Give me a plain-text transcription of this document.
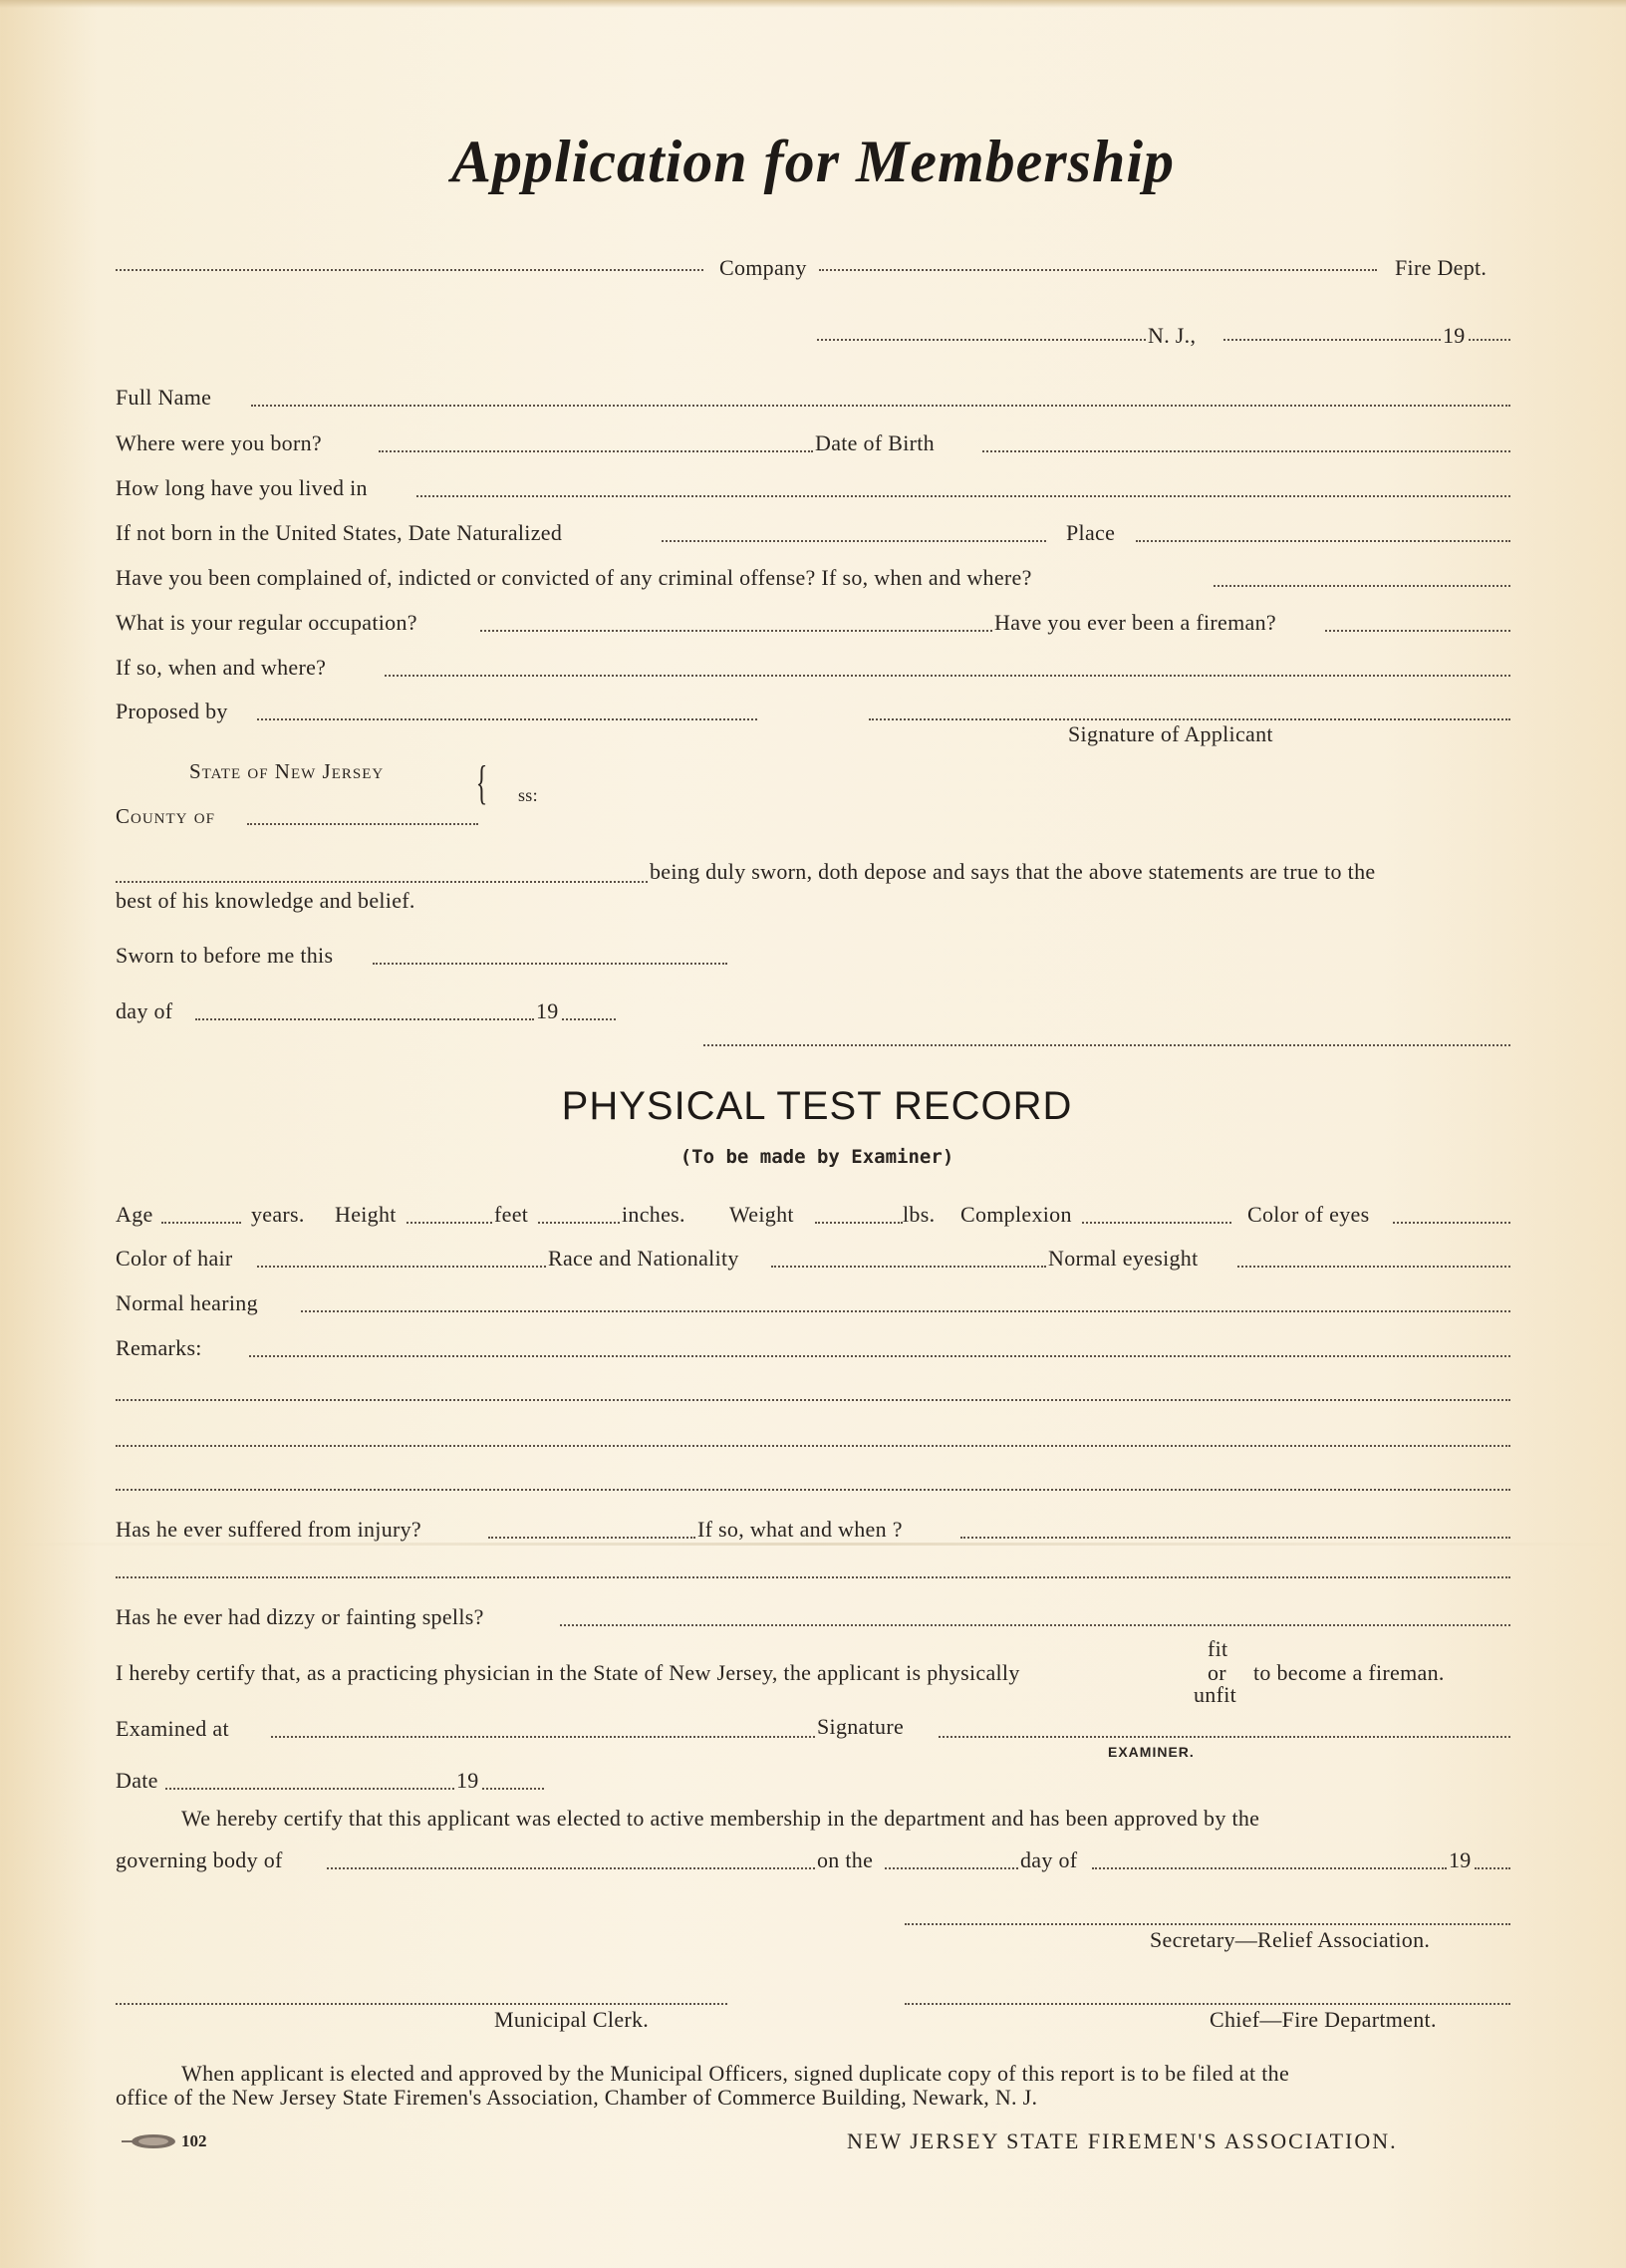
Application for Membership
Company	Fire Dept.
N. J.,	19
Full Name
Where were you born?	Date of Birth
How long have you lived in
If not born in the United States, Date Naturalized	Place
Have you been complained of, indicted or convicted of any criminal offense? If so, when and where?
What is your regular occupation?	Have you ever been a fireman?
If so, when and where?
Proposed by
Signature of Applicant
State of New Jersey
County of
{ ss:
being duly sworn, doth depose and says that the above statements are true to the
best of his knowledge and belief.
Sworn to before me this
day of	19
PHYSICAL TEST RECORD
(To be made by Examiner)
Age	years. Height	feet	inches. Weight	lbs. Complexion	Color of eyes
Color of hair	Race and Nationality	Normal eyesight
Normal hearing
Remarks:
Has he ever suffered from injury?	If so, what and when ?
Has he ever had dizzy or fainting spells?
fit
I hereby certify that, as a practicing physician in the State of New Jersey, the applicant is physically	or to become a fireman.
unfit
Examined at	Signature
EXAMINER.
Date	19
We hereby certify that this applicant was elected to active membership in the department and has been approved by the
governing body of	on the	day of	19
Secretary—Relief Association.
Municipal Clerk.	Chief—Fire Department.
When applicant is elected and approved by the Municipal Officers, signed duplicate copy of this report is to be filed at the
office of the New Jersey State Firemen's Association, Chamber of Commerce Building, Newark, N. J.
102	NEW JERSEY STATE FIREMEN'S ASSOCIATION.
